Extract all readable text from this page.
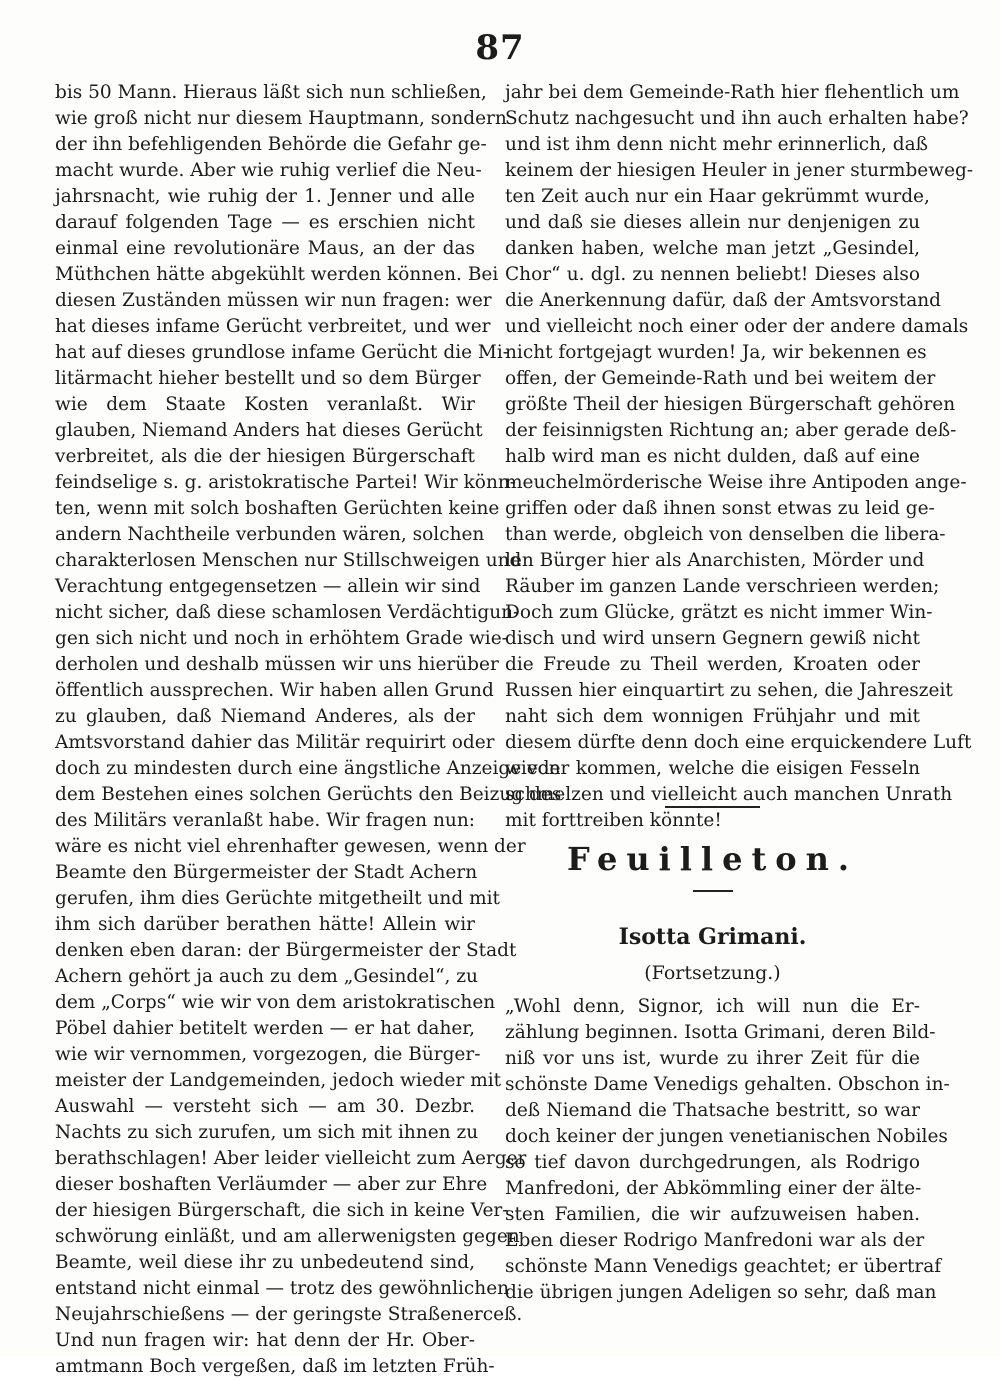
87
bis 50 Mann. Hieraus läßt sich nun schließen,
wie groß nicht nur diesem Hauptmann, sondern
der ihn befehligenden Behörde die Gefahr ge-
macht wurde. Aber wie ruhig verlief die Neu-
jahrsnacht, wie ruhig der 1. Jenner und alle
darauf folgenden Tage — es erschien nicht
einmal eine revolutionäre Maus, an der das
Müthchen hätte abgekühlt werden können. Bei
diesen Zuständen müssen wir nun fragen: wer
hat dieses infame Gerücht verbreitet, und wer
hat auf dieses grundlose infame Gerücht die Mi-
litärmacht hieher bestellt und so dem Bürger
wie dem Staate Kosten veranlaßt. Wir
glauben, Niemand Anders hat dieses Gerücht
verbreitet, als die der hiesigen Bürgerschaft
feindselige s. g. aristokratische Partei! Wir könn-
ten, wenn mit solch boshaften Gerüchten keine
andern Nachtheile verbunden wären, solchen
charakterlosen Menschen nur Stillschweigen und
Verachtung entgegensetzen — allein wir sind
nicht sicher, daß diese schamlosen Verdächtigun-
gen sich nicht und noch in erhöhtem Grade wie-
derholen und deshalb müssen wir uns hierüber
öffentlich aussprechen. Wir haben allen Grund
zu glauben, daß Niemand Anderes, als der
Amtsvorstand dahier das Militär requirirt oder
doch zu mindesten durch eine ängstliche Anzeige von
dem Bestehen eines solchen Gerüchts den Beizug des
des Militärs veranlaßt habe. Wir fragen nun:
wäre es nicht viel ehrenhafter gewesen, wenn der
Beamte den Bürgermeister der Stadt Achern
gerufen, ihm dies Gerüchte mitgetheilt und mit
ihm sich darüber berathen hätte! Allein wir
denken eben daran: der Bürgermeister der Stadt
Achern gehört ja auch zu dem „Gesindel“, zu
dem „Corps“ wie wir von dem aristokratischen
Pöbel dahier betitelt werden — er hat daher,
wie wir vernommen, vorgezogen, die Bürger-
meister der Landgemeinden, jedoch wieder mit
Auswahl — versteht sich — am 30. Dezbr.
Nachts zu sich zurufen, um sich mit ihnen zu
berathschlagen! Aber leider vielleicht zum Aerger
dieser boshaften Verläumder — aber zur Ehre
der hiesigen Bürgerschaft, die sich in keine Ver-
schwörung einläßt, und am allerwenigsten gegen
Beamte, weil diese ihr zu unbedeutend sind,
entstand nicht einmal — trotz des gewöhnlichen
Neujahrschießens — der geringste Straßenerceß.
Und nun fragen wir: hat denn der Hr. Ober-
amtmann Boch vergeßen, daß im letzten Früh-
jahr bei dem Gemeinde-Rath hier flehentlich um
Schutz nachgesucht und ihn auch erhalten habe?
und ist ihm denn nicht mehr erinnerlich, daß
keinem der hiesigen Heuler in jener sturmbeweg-
ten Zeit auch nur ein Haar gekrümmt wurde,
und daß sie dieses allein nur denjenigen zu
danken haben, welche man jetzt „Gesindel,
Chor“ u. dgl. zu nennen beliebt! Dieses also
die Anerkennung dafür, daß der Amtsvorstand
und vielleicht noch einer oder der andere damals
nicht fortgejagt wurden! Ja, wir bekennen es
offen, der Gemeinde-Rath und bei weitem der
größte Theil der hiesigen Bürgerschaft gehören
der feisinnigsten Richtung an; aber gerade deß-
halb wird man es nicht dulden, daß auf eine
meuchelmörderische Weise ihre Antipoden ange-
griffen oder daß ihnen sonst etwas zu leid ge-
than werde, obgleich von denselben die libera-
len Bürger hier als Anarchisten, Mörder und
Räuber im ganzen Lande verschrieen werden;
Doch zum Glücke, grätzt es nicht immer Win-
disch und wird unsern Gegnern gewiß nicht
die Freude zu Theil werden, Kroaten oder
Russen hier einquartirt zu sehen, die Jahreszeit
naht sich dem wonnigen Frühjahr und mit
diesem dürfte denn doch eine erquickendere Luft
wieder kommen, welche die eisigen Fesseln
schmelzen und vielleicht auch manchen Unrath
mit forttreiben könnte!
Feuilleton.
Isotta Grimani.
(Fortsetzung.)
„Wohl denn, Signor, ich will nun die Er-
zählung beginnen. Isotta Grimani, deren Bild-
niß vor uns ist, wurde zu ihrer Zeit für die
schönste Dame Venedigs gehalten. Obschon in-
deß Niemand die Thatsache bestritt, so war
doch keiner der jungen venetianischen Nobiles
so tief davon durchgedrungen, als Rodrigo
Manfredoni, der Abkömmling einer der älte-
sten Familien, die wir aufzuweisen haben.
Eben dieser Rodrigo Manfredoni war als der
schönste Mann Venedigs geachtet; er übertraf
die übrigen jungen Adeligen so sehr, daß man
